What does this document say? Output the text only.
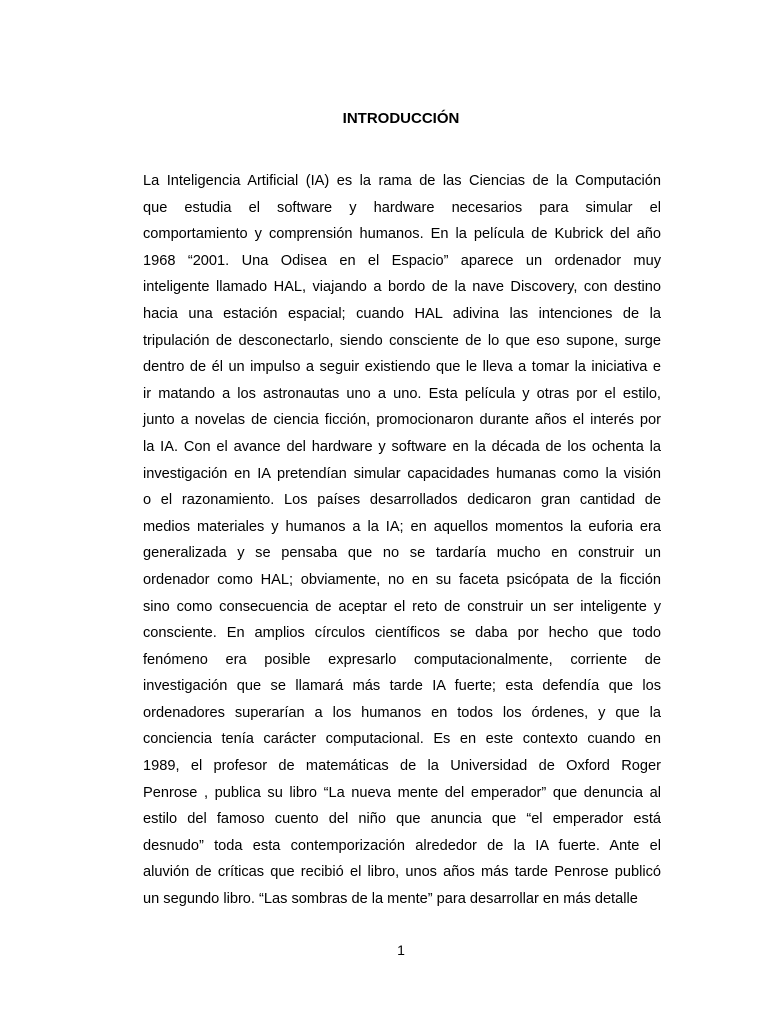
INTRODUCCIÓN
La Inteligencia Artificial (IA) es la rama de las Ciencias de la Computación
que estudia el software y hardware necesarios para simular el
comportamiento y comprensión humanos. En la película de Kubrick del año
1968 “2001. Una Odisea en el Espacio” aparece un ordenador muy
inteligente llamado HAL, viajando a bordo de la nave Discovery, con destino
hacia una estación espacial; cuando HAL adivina las intenciones de la
tripulación de desconectarlo, siendo consciente de lo que eso supone, surge
dentro de él un impulso a seguir existiendo que le lleva a tomar la iniciativa e
ir matando a los astronautas uno a uno. Esta película y otras por el estilo,
junto a novelas de ciencia ficción, promocionaron durante años el interés por
la IA. Con el avance del hardware y software en la década de los ochenta la
investigación en IA pretendían simular capacidades humanas como la visión
o el razonamiento. Los países desarrollados dedicaron gran cantidad de
medios materiales y humanos a la IA; en aquellos momentos la euforia era
generalizada y se pensaba que no se tardaría mucho en construir un
ordenador como HAL; obviamente, no en su faceta psicópata de la ficción
sino como consecuencia de aceptar el reto de construir un ser inteligente y
consciente. En amplios círculos científicos se daba por hecho que todo
fenómeno era posible expresarlo computacionalmente, corriente de
investigación que se llamará más tarde IA fuerte; esta defendía que los
ordenadores superarían a los humanos en todos los órdenes, y que la
conciencia tenía carácter computacional. Es en este contexto cuando en
1989, el profesor de matemáticas de la Universidad de Oxford Roger
Penrose , publica su libro “La nueva mente del emperador” que denuncia al
estilo del famoso cuento del niño que anuncia que “el emperador está
desnudo” toda esta contemporización alrededor de la IA fuerte. Ante el
aluvión de críticas que recibió el libro, unos años más tarde Penrose publicó
un segundo libro. “Las sombras de la mente” para desarrollar en más detalle
1
